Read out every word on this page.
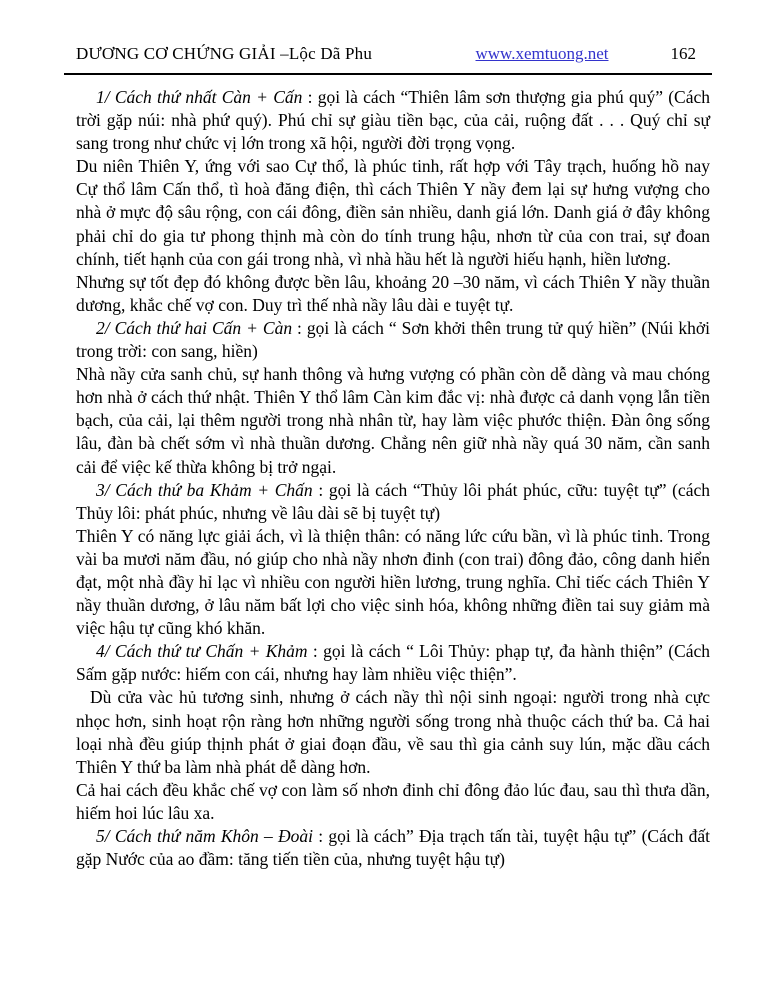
DƯƠNG CƠ CHỨNG GIẢI –Lộc Dã Phu	www.xemtuong.net	162

1/ Cách thứ nhất Càn + Cấn : gọi là cách “Thiên lâm sơn thượng gia phú quý” (Cách trời gặp núi: nhà phứ quý). Phú chỉ sự giàu tiền bạc, của cải, ruộng đất . . . Quý chỉ sự sang trong như chức vị lớn trong xã hội, người đời trọng vọng.

Du niên Thiên Y, ứng với sao Cự thổ, là phúc tinh, rất hợp với Tây trạch, huống hồ nay Cự thổ lâm Cấn thổ, tì hoà đăng điện, thì cách Thiên Y nầy đem lại sự hưng vượng cho nhà ở mực độ sâu rộng, con cái đông, điền sản nhiều, danh giá lớn. Danh giá ở đây không phải chỉ do gia tư phong thịnh mà còn do tính trung hậu, nhơn từ của con trai, sự đoan chính, tiết hạnh của con gái trong nhà, vì nhà hầu hết là người hiếu hạnh, hiền lương.

Nhưng sự tốt đẹp đó không được bền lâu, khoảng 20 –30 năm, vì cách Thiên Y nầy thuần dương, khắc chế vợ con. Duy trì thế nhà nầy lâu dài e tuyệt tự.

2/ Cách thứ hai Cấn + Càn : gọi là cách “ Sơn khởi thên trung tử quý hiền” (Núi khởi trong trời: con sang, hiền)

Nhà nầy cửa sanh chủ, sự hanh thông và hưng vượng có phần còn dễ dàng và mau chóng hơn nhà ở cách thứ nhật. Thiên Y thổ lâm Càn kim đắc vị: nhà được cả danh vọng lẫn tiền bạch, của cải, lại thêm người trong nhà nhân từ, hay làm việc phước thiện. Đàn ông sống lâu, đàn bà chết sớm vì nhà thuần dương. Chẳng nên giữ nhà nầy quá 30 năm, cần sanh cải để việc kế thừa không bị trở ngại.

3/ Cách thứ ba Khảm + Chấn : gọi là cách “Thủy lôi phát phúc, cữu: tuyệt tự” (cách Thủy lôi: phát phúc, nhưng về lâu dài sẽ bị tuyệt tự)

Thiên Y có năng lực giải ách, vì là thiện thân: có năng lức cứu bần, vì là phúc tinh. Trong vài ba mươi năm đầu, nó giúp cho nhà nầy nhơn đinh (con trai) đông đảo, công danh hiển đạt, một nhà đầy hỉ lạc vì nhiều con người hiền lương, trung nghĩa. Chỉ tiếc cách Thiên Y nầy thuần dương, ở lâu năm bất lợi cho việc sinh hóa, không những điền tai suy giảm mà việc hậu tự cũng khó khăn.

4/ Cách thứ tư Chấn + Khảm : gọi là cách “ Lôi Thủy: phạp tự, đa hành thiện” (Cách Sấm gặp nước: hiếm con cái, nhưng hay làm nhiều việc thiện”.

Dù cửa vàc hủ tương sinh, nhưng ở cách nầy thì nội sinh ngoại: người trong nhà cực nhọc hơn, sinh hoạt rộn ràng hơn những người sống trong nhà thuộc cách thứ ba. Cả hai loại nhà đều giúp thịnh phát ở giai đoạn đầu, về sau thì gia cảnh suy lún, mặc dầu cách Thiên Y thứ ba làm nhà phát dễ dàng hơn.

Cả hai cách đều khắc chế vợ con làm số nhơn đinh chỉ đông đảo lúc đau, sau thì thưa dần, hiếm hoi lúc lâu xa.

5/ Cách thứ năm Khôn – Đoài : gọi là cách” Địa trạch tấn tài, tuyệt hậu tự” (Cách đất gặp Nước của ao đầm: tăng tiến tiền của, nhưng tuyệt hậu tự)
